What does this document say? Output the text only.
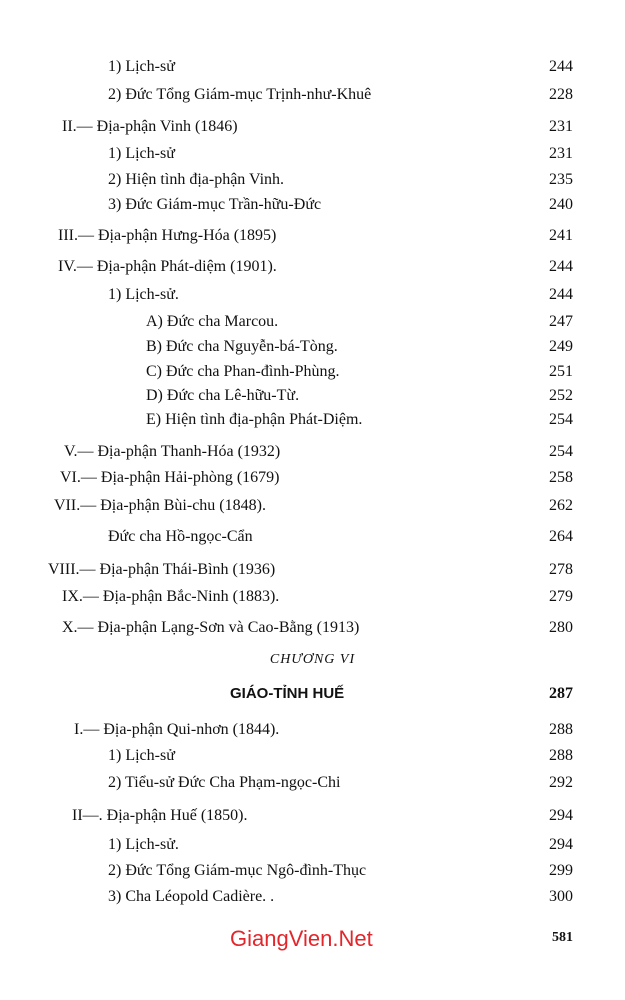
1) Lịch-sử	244
2) Đức Tổng Giám-mục Trịnh-như-Khuê	228
II.— Địa-phận Vinh (1846)	231
1) Lịch-sử	231
2) Hiện tình địa-phận Vinh.	235
3) Đức Giám-mục Trần-hữu-Đức	240
III.— Địa-phận Hưng-Hóa (1895)	241
IV.— Địa-phận Phát-diệm (1901).	244
1) Lịch-sử.	244
A) Đức cha Marcou.	247
B) Đức cha Nguyễn-bá-Tòng.	249
C) Đức cha Phan-đình-Phùng.	251
D) Đức cha Lê-hữu-Từ.	252
E) Hiện tình địa-phận Phát-Diệm.	254
V.— Địa-phận Thanh-Hóa (1932)	254
VI.— Địa-phận Hải-phòng (1679)	258
VII.— Địa-phận Bùi-chu (1848).	262
Đức cha Hồ-ngọc-Cẩn	264
VIII.— Địa-phận Thái-Bình (1936)	278
IX.— Địa-phận Bắc-Ninh (1883).	279
X.— Địa-phận Lạng-Sơn và Cao-Bằng (1913)	280
CHƯƠNG VI
GIÁO-TỈNH HUẾ	287
I.— Địa-phận Qui-nhơn (1844).	288
1) Lịch-sử	288
2) Tiểu-sử Đức Cha Phạm-ngọc-Chi	292
II—. Địa-phận Huế (1850).	294
1) Lịch-sử.	294
2) Đức Tổng Giám-mục Ngô-đình-Thục	299
3) Cha Léopold Cadière. .	300
GiangVien.Net	581
